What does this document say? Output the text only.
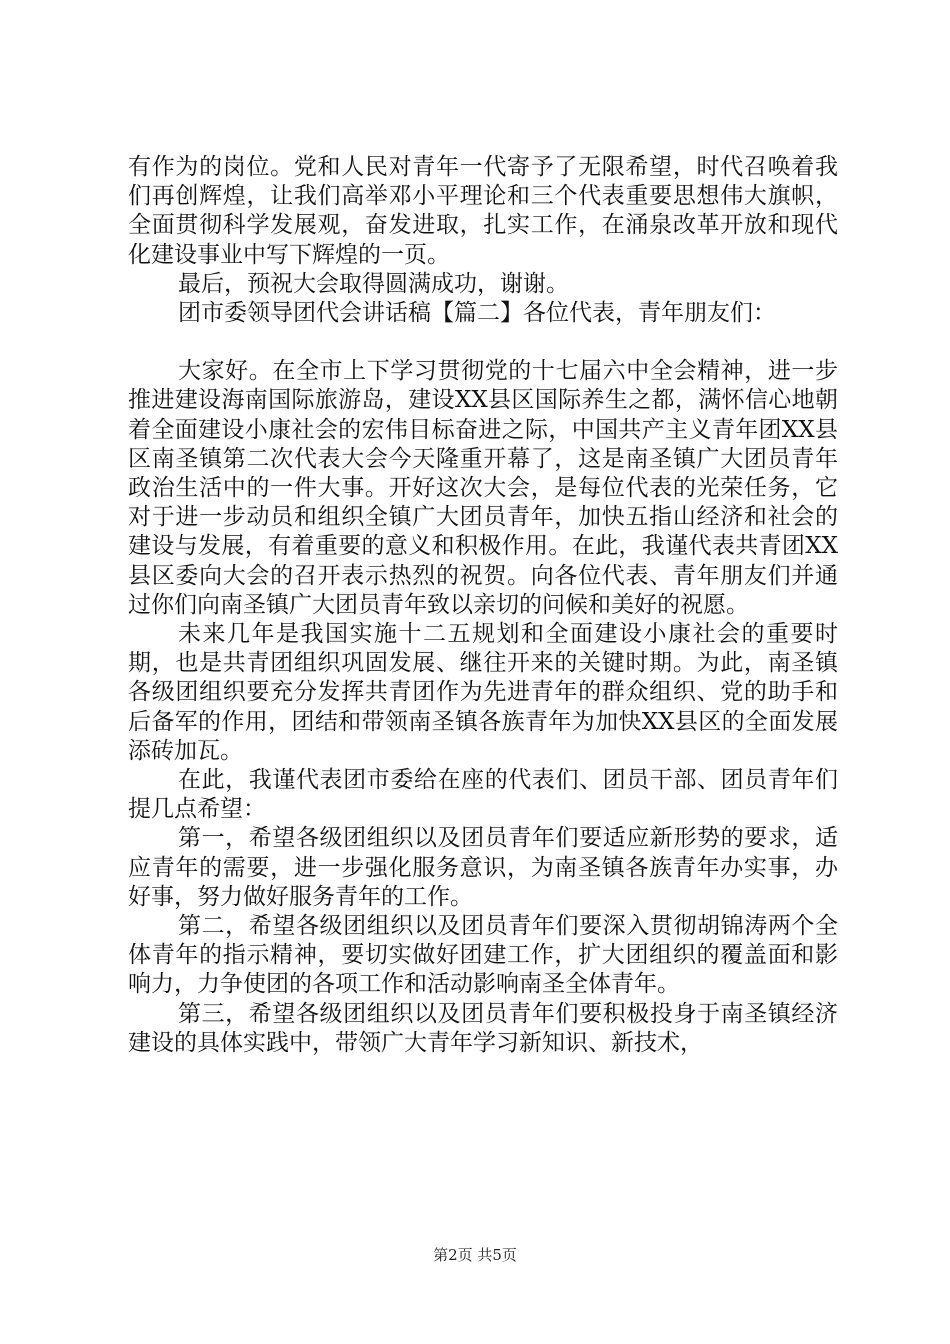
有作为的岗位。党和人民对青年一代寄予了无限希望，时代召唤着我们再创辉煌，让我们高举邓小平理论和三个代表重要思想伟大旗帜，全面贯彻科学发展观，奋发进取，扎实工作，在涌泉改革开放和现代化建设事业中写下辉煌的一页。

最后，预祝大会取得圆满成功，谢谢。

团市委领导团代会讲话稿【篇二】各位代表，青年朋友们：

大家好。在全市上下学习贯彻党的十七届六中全会精神，进一步推进建设海南国际旅游岛，建设XX县区国际养生之都，满怀信心地朝着全面建设小康社会的宏伟目标奋进之际，中国共产主义青年团XX县区南圣镇第二次代表大会今天隆重开幕了，这是南圣镇广大团员青年政治生活中的一件大事。开好这次大会，是每位代表的光荣任务，它对于进一步动员和组织全镇广大团员青年，加快五指山经济和社会的建设与发展，有着重要的意义和积极作用。在此，我谨代表共青团XX县区委向大会的召开表示热烈的祝贺。向各位代表、青年朋友们并通过你们向南圣镇广大团员青年致以亲切的问候和美好的祝愿。

未来几年是我国实施十二五规划和全面建设小康社会的重要时期，也是共青团组织巩固发展、继往开来的关键时期。为此，南圣镇各级团组织要充分发挥共青团作为先进青年的群众组织、党的助手和后备军的作用，团结和带领南圣镇各族青年为加快XX县区的全面发展添砖加瓦。

在此，我谨代表团市委给在座的代表们、团员干部、团员青年们提几点希望：

第一，希望各级团组织以及团员青年们要适应新形势的要求，适应青年的需要，进一步强化服务意识，为南圣镇各族青年办实事，办好事，努力做好服务青年的工作。

第二，希望各级团组织以及团员青年们要深入贯彻胡锦涛两个全体青年的指示精神，要切实做好团建工作，扩大团组织的覆盖面和影响力，力争使团的各项工作和活动影响南圣全体青年。

第三，希望各级团组织以及团员青年们要积极投身于南圣镇经济建设的具体实践中，带领广大青年学习新知识、新技术，

第2页 共5页
